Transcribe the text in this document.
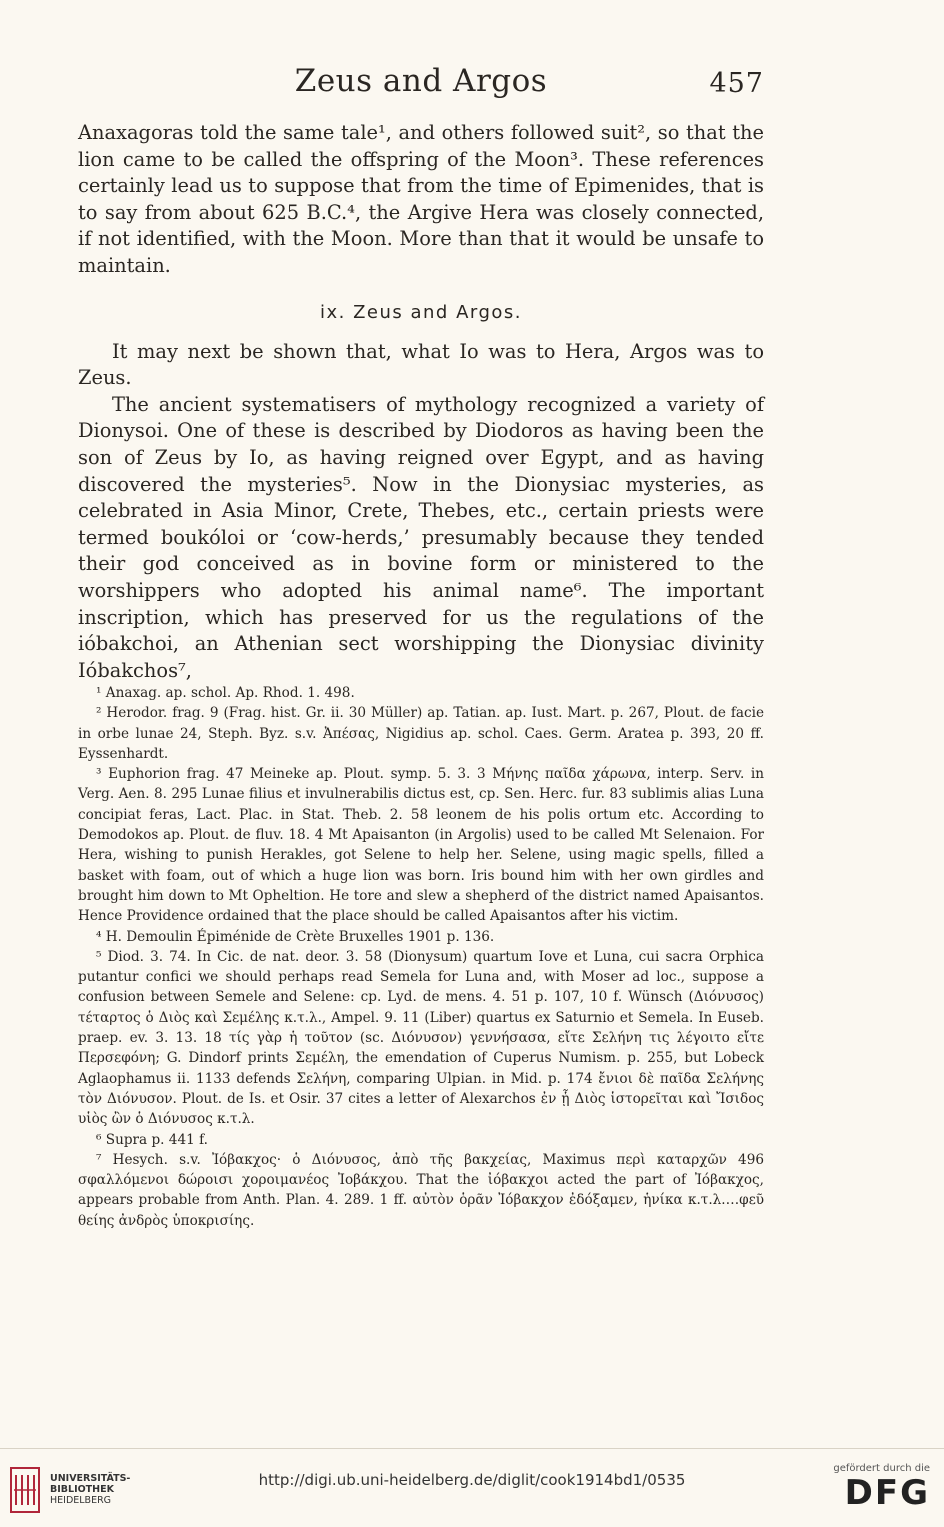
Zeus and Argos	457

Anaxagoras told the same tale¹, and others followed suit², so that the lion came to be called the offspring of the Moon³. These references certainly lead us to suppose that from the time of Epimenides, that is to say from about 625 B.C.⁴, the Argive Hera was closely connected, if not identified, with the Moon. More than that it would be unsafe to maintain.

ix. Zeus and Argos.

It may next be shown that, what Io was to Hera, Argos was to Zeus.

The ancient systematisers of mythology recognized a variety of Dionysoi. One of these is described by Diodoros as having been the son of Zeus by Io, as having reigned over Egypt, and as having discovered the mysteries⁵. Now in the Dionysiac mysteries, as celebrated in Asia Minor, Crete, Thebes, etc., certain priests were termed boukóloi or ‘cow-herds,’ presumably because they tended their god conceived as in bovine form or ministered to the worshippers who adopted his animal name⁶. The important inscription, which has preserved for us the regulations of the ióbakchoi, an Athenian sect worshipping the Dionysiac divinity Ióbakchos⁷,

¹ Anaxag. ap. schol. Ap. Rhod. 1. 498.

² Herodor. frag. 9 (Frag. hist. Gr. ii. 30 Müller) ap. Tatian. ap. Iust. Mart. p. 267, Plout. de facie in orbe lunae 24, Steph. Byz. s.v. Ἀπέσας, Nigidius ap. schol. Caes. Germ. Aratea p. 393, 20 ff. Eyssenhardt.

³ Euphorion frag. 47 Meineke ap. Plout. symp. 5. 3. 3 Μήνης παῖδα χάρωνα, interp. Serv. in Verg. Aen. 8. 295 Lunae filius et invulnerabilis dictus est, cp. Sen. Herc. fur. 83 sublimis alias Luna concipiat feras, Lact. Plac. in Stat. Theb. 2. 58 leonem de his polis ortum etc. According to Demodokos ap. Plout. de fluv. 18. 4 Mt Apaisanton (in Argolis) used to be called Mt Selenaion. For Hera, wishing to punish Herakles, got Selene to help her. Selene, using magic spells, filled a basket with foam, out of which a huge lion was born. Iris bound him with her own girdles and brought him down to Mt Opheltion. He tore and slew a shepherd of the district named Apaisantos. Hence Providence ordained that the place should be called Apaisantos after his victim.

⁴ H. Demoulin Épiménide de Crète Bruxelles 1901 p. 136.

⁵ Diod. 3. 74. In Cic. de nat. deor. 3. 58 (Dionysum) quartum Iove et Luna, cui sacra Orphica putantur confici we should perhaps read Semela for Luna and, with Moser ad loc., suppose a confusion between Semele and Selene: cp. Lyd. de mens. 4. 51 p. 107, 10 f. Wünsch (Διόνυσος) τέταρτος ὁ Διὸς καὶ Σεμέλης κ.τ.λ., Ampel. 9. 11 (Liber) quartus ex Saturnio et Semela. In Euseb. praep. ev. 3. 13. 18 τίς γὰρ ἡ τοῦτον (sc. Διόνυσον) γεννήσασα, εἴτε Σελήνη τις λέγοιτο εἴτε Περσεφόνη; G. Dindorf prints Σεμέλη, the emendation of Cuperus Numism. p. 255, but Lobeck Aglaophamus ii. 1133 defends Σελήνη, comparing Ulpian. in Mid. p. 174 ἔνιοι δὲ παῖδα Σελήνης τὸν Διόνυσον. Plout. de Is. et Osir. 37 cites a letter of Alexarchos ἐν ᾗ Διὸς ἱστορεῖται καὶ Ἴσιδος υἱὸς ὢν ὁ Διόνυσος κ.τ.λ.

⁶ Supra p. 441 f.

⁷ Hesych. s.v. Ἰόβακχος· ὁ Διόνυσος, ἀπὸ τῆς βακχείας, Maximus περὶ καταρχῶν 496 σφαλλόμενοι δώροισι χοροιμανέος Ἰοβάκχου. That the ἰόβακχοι acted the part of Ἰόβακχος, appears probable from Anth. Plan. 4. 289. 1 ff. αὐτὸν ὁρᾶν Ἰόβακχον ἐδόξαμεν, ἡνίκα κ.τ.λ.…φεῦ θείης ἀνδρὸς ὑποκρισίης.

UNIVERSITÄTS-
BIBLIOTHEK
HEIDELBERG
http://digi.ub.uni-heidelberg.de/diglit/cook1914bd1/0535
gefördert durch die
DFG
